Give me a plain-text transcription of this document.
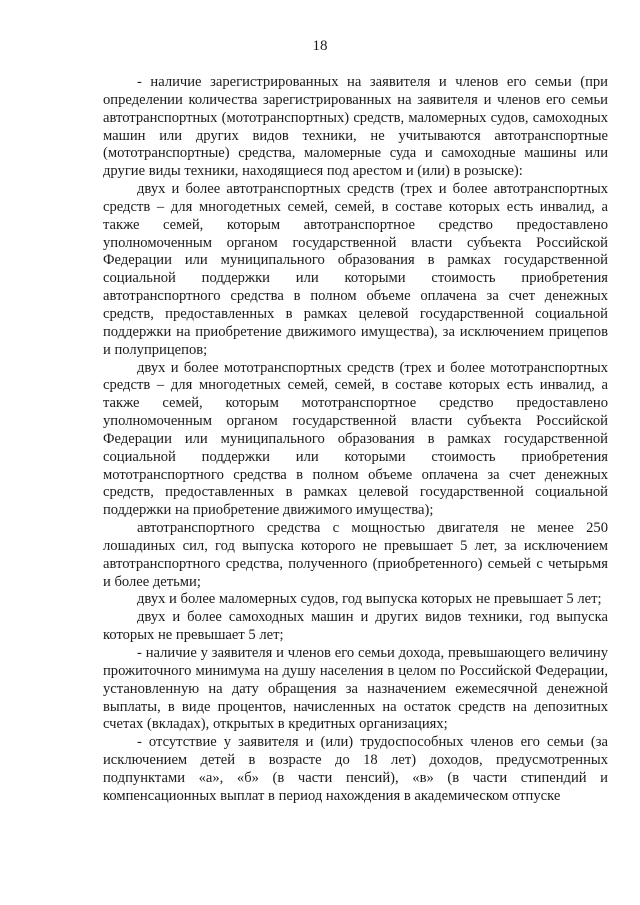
18

- наличие зарегистрированных на заявителя и членов его семьи (при определении количества зарегистрированных на заявителя и членов его семьи автотранспортных (мототранспортных) средств, маломерных судов, самоходных машин или других видов техники, не учитываются автотранспортные (мототранспортные) средства, маломерные суда и самоходные машины или другие виды техники, находящиеся под арестом и (или) в розыске):

двух и более автотранспортных средств (трех и более автотранспортных средств – для многодетных семей, семей, в составе которых есть инвалид, а также семей, которым автотранспортное средство предоставлено уполномоченным органом государственной власти субъекта Российской Федерации или муниципального образования в рамках государственной социальной поддержки или которыми стоимость приобретения автотранспортного средства в полном объеме оплачена за счет денежных средств, предоставленных в рамках целевой государственной социальной поддержки на приобретение движимого имущества), за исключением прицепов и полуприцепов;

двух и более мототранспортных средств (трех и более мототранспортных средств – для многодетных семей, семей, в составе которых есть инвалид, а также семей, которым мототранспортное средство предоставлено уполномоченным органом государственной власти субъекта Российской Федерации или муниципального образования в рамках государственной социальной поддержки или которыми стоимость приобретения мототранспортного средства в полном объеме оплачена за счет денежных средств, предоставленных в рамках целевой государственной социальной поддержки на приобретение движимого имущества);

автотранспортного средства с мощностью двигателя не менее 250 лошадиных сил, год выпуска которого не превышает 5 лет, за исключением автотранспортного средства, полученного (приобретенного) семьей с четырьмя и более детьми;

двух и более маломерных судов, год выпуска которых не превышает 5 лет;

двух и более самоходных машин и других видов техники, год выпуска которых не превышает 5 лет;

- наличие у заявителя и членов его семьи дохода, превышающего величину прожиточного минимума на душу населения в целом по Российской Федерации, установленную на дату обращения за назначением ежемесячной денежной выплаты, в виде процентов, начисленных на остаток средств на депозитных счетах (вкладах), открытых в кредитных организациях;

- отсутствие у заявителя и (или) трудоспособных членов его семьи (за исключением детей в возрасте до 18 лет) доходов, предусмотренных подпунктами «а», «б» (в части пенсий), «в» (в части стипендий и компенсационных выплат в период нахождения в академическом отпуске
